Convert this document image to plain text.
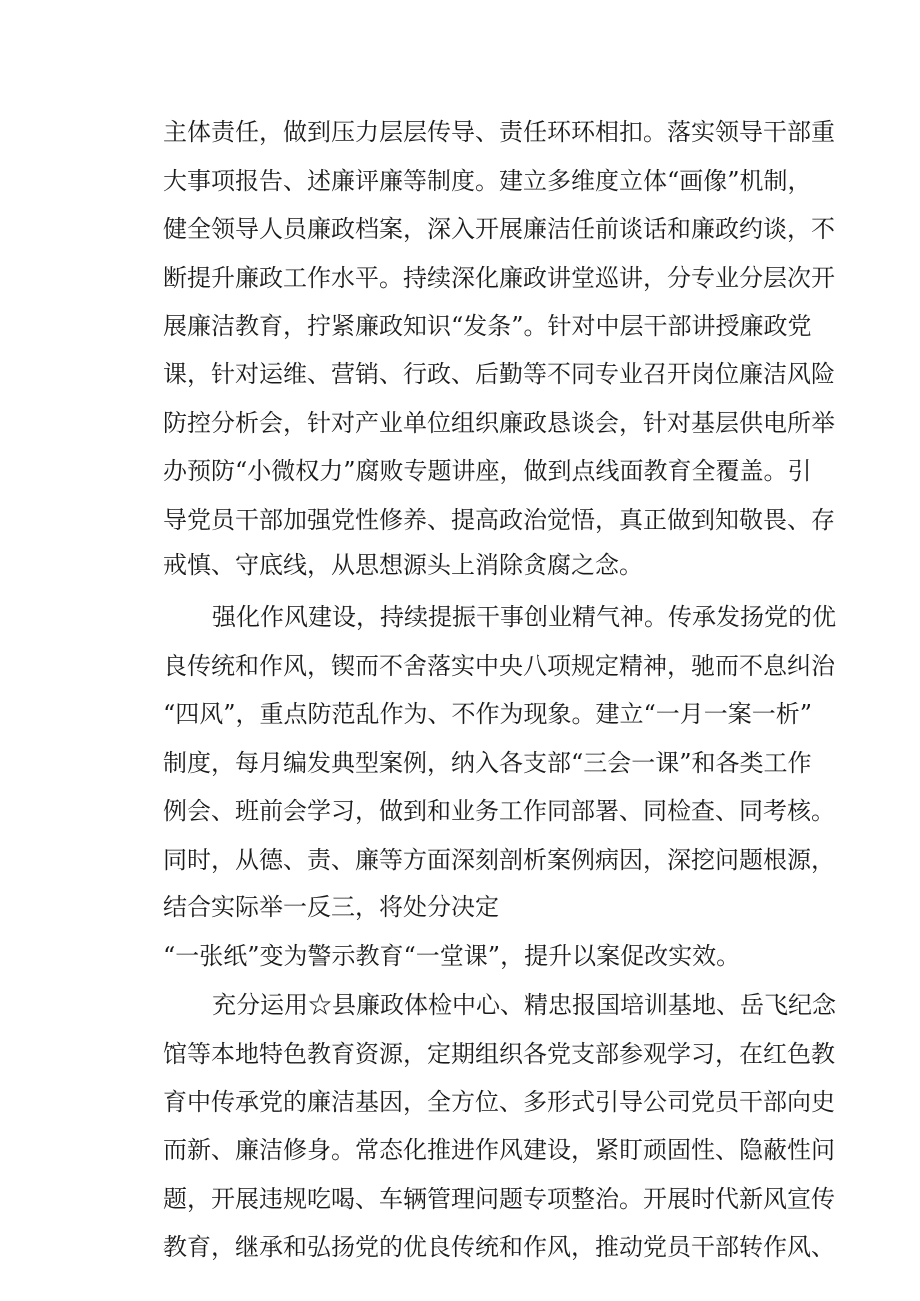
主体责任，做到压力层层传导、责任环环相扣。落实领导干部重
大事项报告、述廉评廉等制度。建立多维度立体“画像”机制，
健全领导人员廉政档案，深入开展廉洁任前谈话和廉政约谈，不
断提升廉政工作水平。持续深化廉政讲堂巡讲，分专业分层次开
展廉洁教育，拧紧廉政知识“发条”。针对中层干部讲授廉政党
课，针对运维、营销、行政、后勤等不同专业召开岗位廉洁风险
防控分析会，针对产业单位组织廉政恳谈会，针对基层供电所举
办预防“小微权力”腐败专题讲座，做到点线面教育全覆盖。引
导党员干部加强党性修养、提高政治觉悟，真正做到知敬畏、存
戒慎、守底线，从思想源头上消除贪腐之念。
强化作风建设，持续提振干事创业精气神。传承发扬党的优
良传统和作风，锲而不舍落实中央八项规定精神，驰而不息纠治
“四风”，重点防范乱作为、不作为现象。建立“一月一案一析”
制度，每月编发典型案例，纳入各支部“三会一课”和各类工作
例会、班前会学习，做到和业务工作同部署、同检查、同考核。
同时，从德、责、廉等方面深刻剖析案例病因，深挖问题根源，
结合实际举一反三，将处分决定
“一张纸”变为警示教育“一堂课”，提升以案促改实效。
充分运用☆县廉政体检中心、精忠报国培训基地、岳飞纪念
馆等本地特色教育资源，定期组织各党支部参观学习，在红色教
育中传承党的廉洁基因，全方位、多形式引导公司党员干部向史
而新、廉洁修身。常态化推进作风建设，紧盯顽固性、隐蔽性问
题，开展违规吃喝、车辆管理问题专项整治。开展时代新风宣传
教育，继承和弘扬党的优良传统和作风，推动党员干部转作风、
